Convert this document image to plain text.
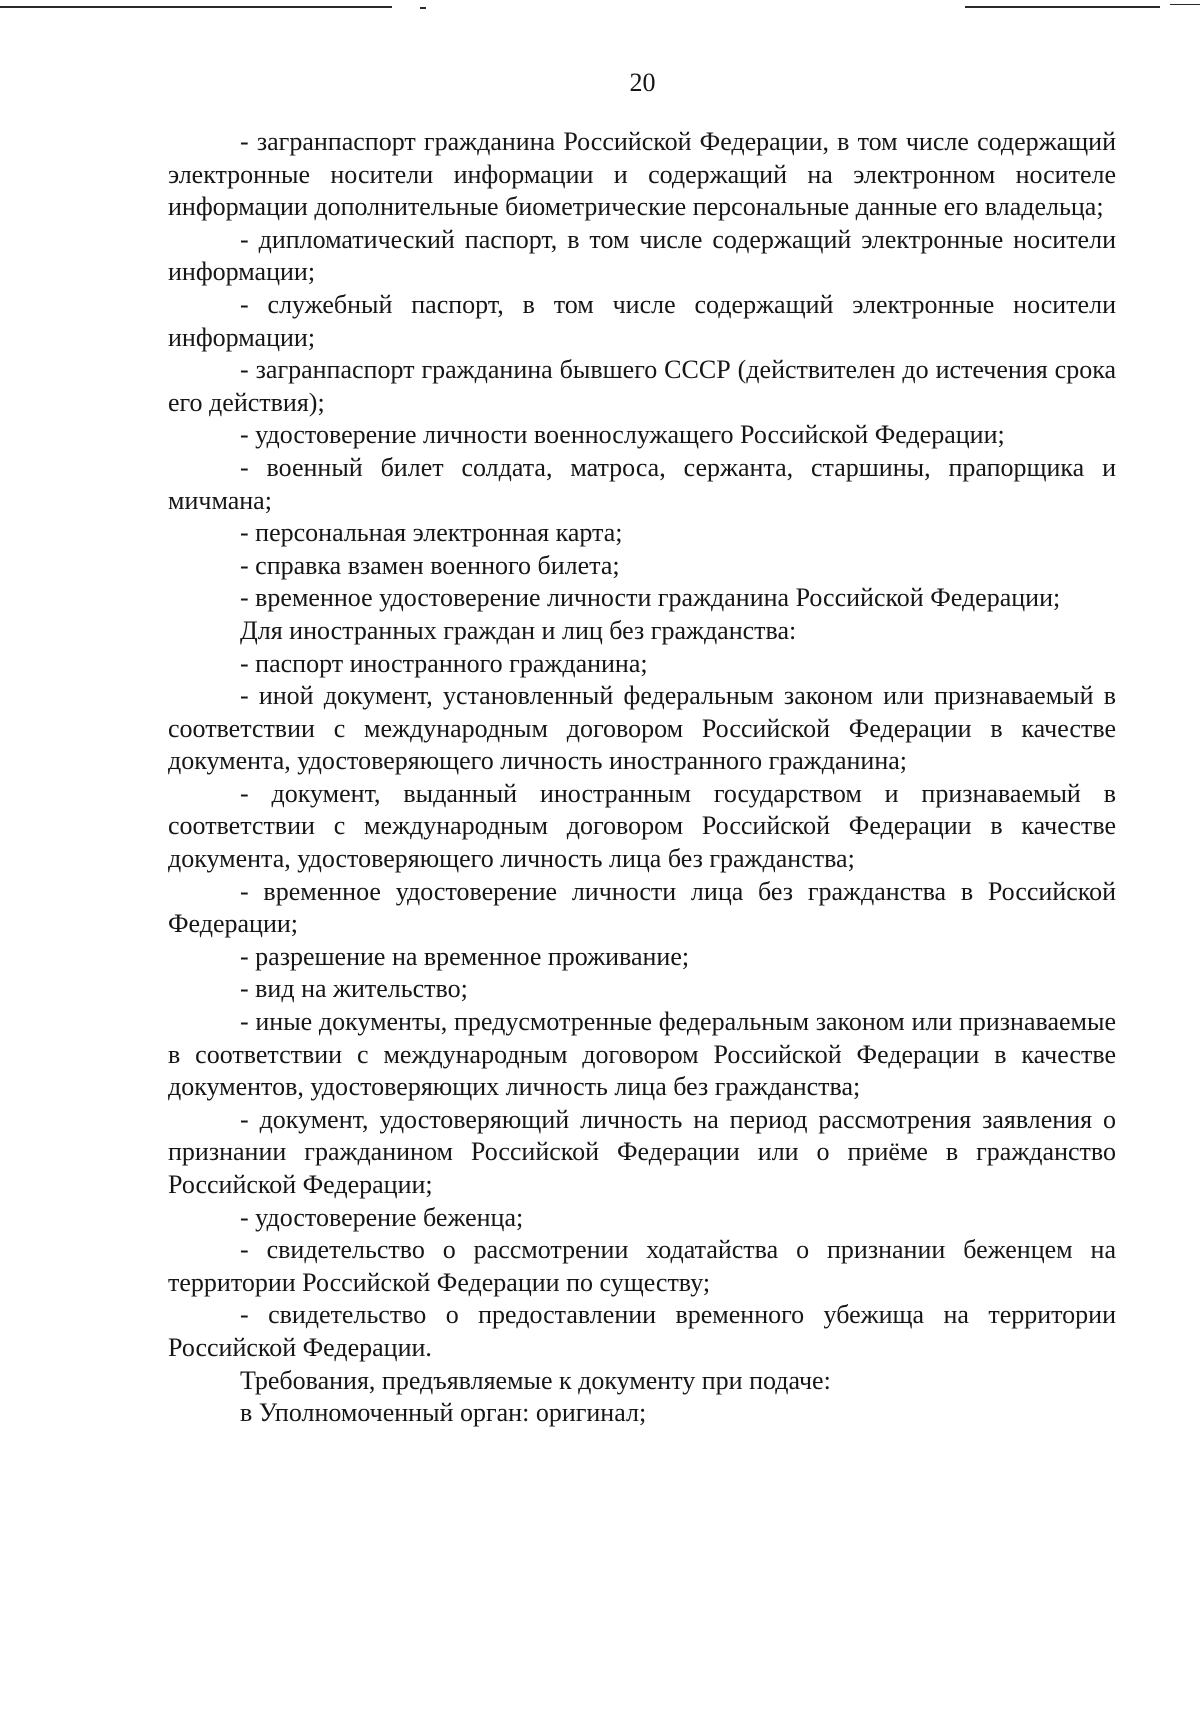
20

- загранпаспорт гражданина Российской Федерации, в том числе содержащий электронные носители информации и содержащий на электронном носителе информации дополнительные биометрические персональные данные его владельца;

- дипломатический паспорт, в том числе содержащий электронные носители информации;

- служебный паспорт, в том числе содержащий электронные носители информации;

- загранпаспорт гражданина бывшего СССР (действителен до истечения срока его действия);

- удостоверение личности военнослужащего Российской Федерации;

- военный билет солдата, матроса, сержанта, старшины, прапорщика и мичмана;

- персональная электронная карта;

- справка взамен военного билета;

- временное удостоверение личности гражданина Российской Федерации;

Для иностранных граждан и лиц без гражданства:

- паспорт иностранного гражданина;

- иной документ, установленный федеральным законом или признаваемый в соответствии с международным договором Российской Федерации в качестве документа, удостоверяющего личность иностранного гражданина;

- документ, выданный иностранным государством и признаваемый в соответствии с международным договором Российской Федерации в качестве документа, удостоверяющего личность лица без гражданства;

- временное удостоверение личности лица без гражданства в Российской Федерации;

- разрешение на временное проживание;

- вид на жительство;

- иные документы, предусмотренные федеральным законом или признаваемые в соответствии с международным договором Российской Федерации в качестве документов, удостоверяющих личность лица без гражданства;

- документ, удостоверяющий личность на период рассмотрения заявления о признании гражданином Российской Федерации или о приёме в гражданство Российской Федерации;

- удостоверение беженца;

- свидетельство о рассмотрении ходатайства о признании беженцем на территории Российской Федерации по существу;

- свидетельство о предоставлении временного убежища на территории Российской Федерации.

Требования, предъявляемые к документу при подаче:

в Уполномоченный орган: оригинал;
